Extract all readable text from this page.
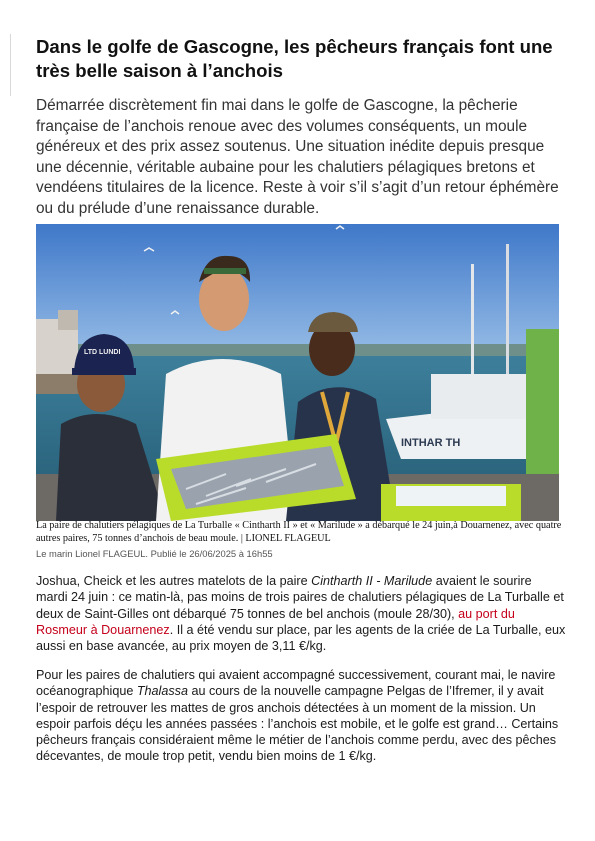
Dans le golfe de Gascogne, les pêcheurs français font une très belle saison à l’anchois

Démarrée discrètement fin mai dans le golfe de Gascogne, la pêcherie française de l’anchois renoue avec des volumes conséquents, un moule généreux et des prix assez soutenus. Une situation inédite depuis presque une décennie, véritable aubaine pour les chalutiers pélagiques bretons et vendéens titulaires de la licence. Reste à voir s’il s’agit d’un retour éphémère ou du prélude d’une renaissance durable.

INTHAR TH
LTD LUNDI

La paire de chalutiers pélagiques de La Turballe « Cintharth II » et « Marilude » a débarqué le 24 juin,à Douarnenez, avec quatre autres paires, 75 tonnes d’anchois de beau moule. | LIONEL FLAGEUL

Le marin Lionel FLAGEUL. Publié le 26/06/2025 à 16h55

Joshua, Cheick et les autres matelots de la paire Cintharth II - Marilude avaient le sourire mardi 24 juin : ce matin-là, pas moins de trois paires de chalutiers pélagiques de La Turballe et deux de Saint-Gilles ont débarqué 75 tonnes de bel anchois (moule 28/30), au port du Rosmeur à Douarnenez. Il a été vendu sur place, par les agents de la criée de La Turballe, eux aussi en base avancée, au prix moyen de 3,11 €/kg.

Pour les paires de chalutiers qui avaient accompagné successivement, courant mai, le navire océanographique Thalassa au cours de la nouvelle campagne Pelgas de l’Ifremer, il y avait l’espoir de retrouver les mattes de gros anchois détectées à un moment de la mission. Un espoir parfois déçu les années passées : l’anchois est mobile, et le golfe est grand… Certains pêcheurs français considéraient même le métier de l’anchois comme perdu, avec des pêches décevantes, de moule trop petit, vendu bien moins de 1 €/kg.
